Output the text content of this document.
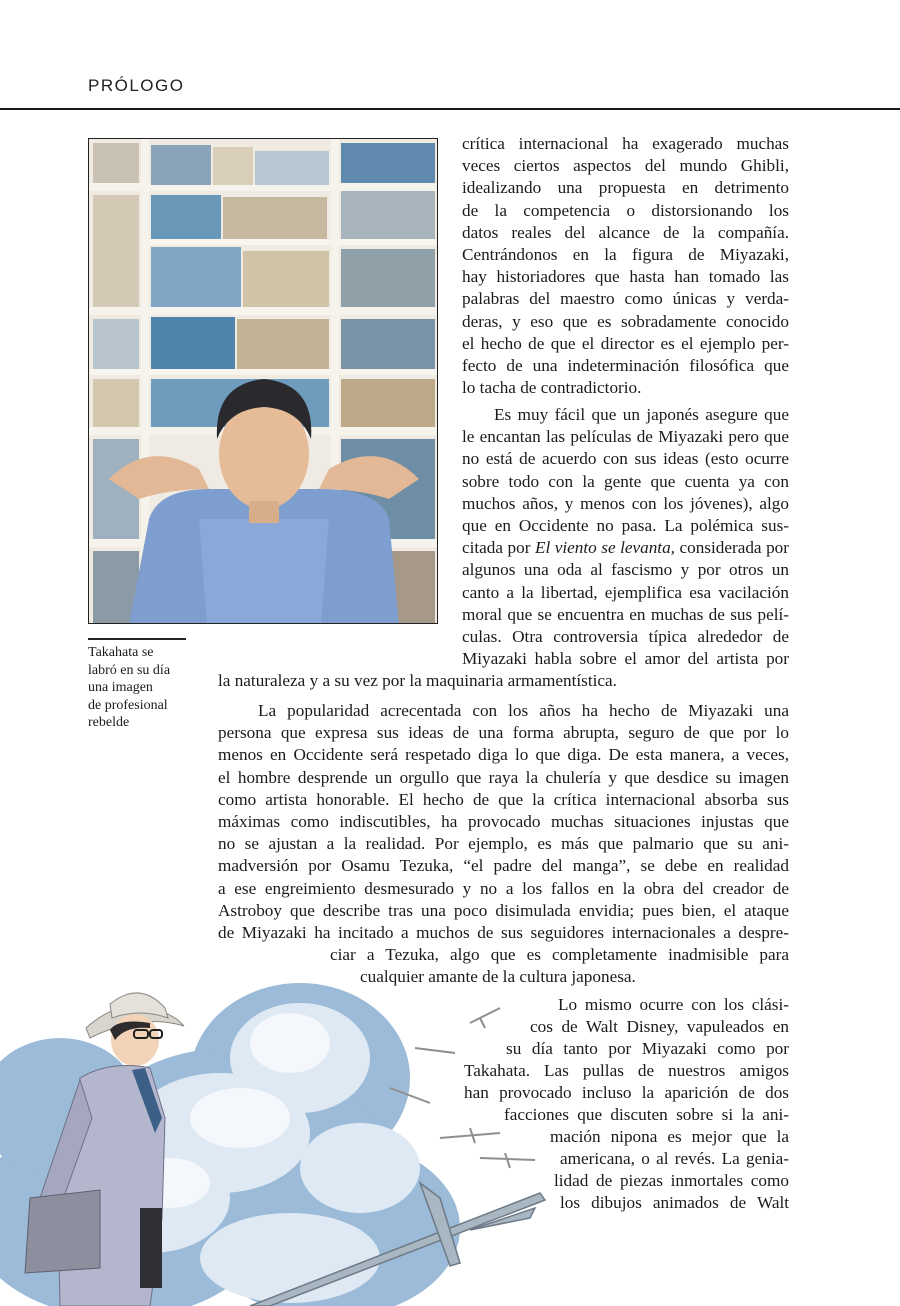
PRÓLOGO
Takahata se
labró en su día
una imagen
de profesional
rebelde

crítica internacional ha exagerado muchas
veces ciertos aspectos del mundo Ghibli,
idealizando una propuesta en detrimento
de la competencia o distorsionando los
datos reales del alcance de la compañía.
Centrándonos en la figura de Miyazaki,
hay historiadores que hasta han tomado las
palabras del maestro como únicas y verda-
deras, y eso que es sobradamente conocido
el hecho de que el director es el ejemplo per-
fecto de una indeterminación filosófica que

lo tacha de contradictorio.

Es muy fácil que un japonés asegure que
le encantan las películas de Miyazaki pero que
no está de acuerdo con sus ideas (esto ocurre
sobre todo con la gente que cuenta ya con
muchos años, y menos con los jóvenes), algo
que en Occidente no pasa. La polémica sus-
citada por El viento se levanta, considerada por
algunos una oda al fascismo y por otros un
canto a la libertad, ejemplifica esa vacilación
moral que se encuentra en muchas de sus pelí-
culas. Otra controversia típica alrededor de
Miyazaki habla sobre el amor del artista por

la naturaleza y a su vez por la maquinaria armamentística.

La popularidad acrecentada con los años ha hecho de Miyazaki una
persona que expresa sus ideas de una forma abrupta, seguro de que por lo
menos en Occidente será respetado diga lo que diga. De esta manera, a veces,
el hombre desprende un orgullo que raya la chulería y que desdice su imagen
como artista honorable. El hecho de que la crítica internacional absorba sus
máximas como indiscutibles, ha provocado muchas situaciones injustas que
no se ajustan a la realidad. Por ejemplo, es más que palmario que su ani-
madversión por Osamu Tezuka, “el padre del manga”, se debe en realidad
a ese engreimiento desmesurado y no a los fallos en la obra del creador de
Astroboy que describe tras una poco disimulada envidia; pues bien, el ataque
de Miyazaki ha incitado a muchos de sus seguidores internacionales a despre-

ciar a Tezuka, algo que es completamente inadmisible para

cualquier amante de la cultura japonesa.

Lo mismo ocurre con los clási-

cos de Walt Disney, vapuleados en

su día tanto por Miyazaki como por

Takahata. Las pullas de nuestros amigos

han provocado incluso la aparición de dos

facciones que discuten sobre si la ani-

mación nipona es mejor que la

americana, o al revés. La genia-

lidad de piezas inmortales como

los dibujos animados de Walt
